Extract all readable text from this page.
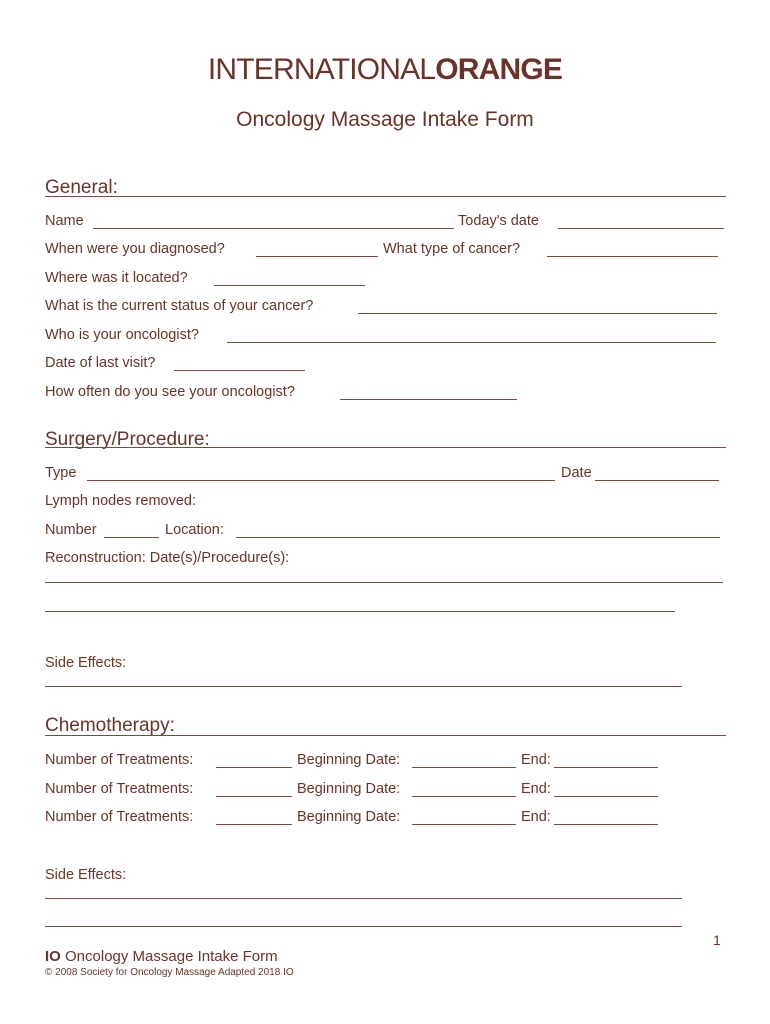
INTERNATIONALORANGE
Oncology Massage Intake Form
General:
Name	Today's date
When were you diagnosed?	What type of cancer?
Where was it located?
What is the current status of your cancer?
Who is your oncologist?
Date of last visit?
How often do you see your oncologist?
Surgery/Procedure:
Type	Date
Lymph nodes removed:
Number	Location:
Reconstruction: Date(s)/Procedure(s):
Side Effects:
Chemotherapy:
Number of Treatments:	Beginning Date:	End:
Number of Treatments:	Beginning Date:	End:
Number of Treatments:	Beginning Date:	End:
Side Effects:
1
IO Oncology Massage Intake Form
© 2008 Society for Oncology Massage Adapted 2018 IO
